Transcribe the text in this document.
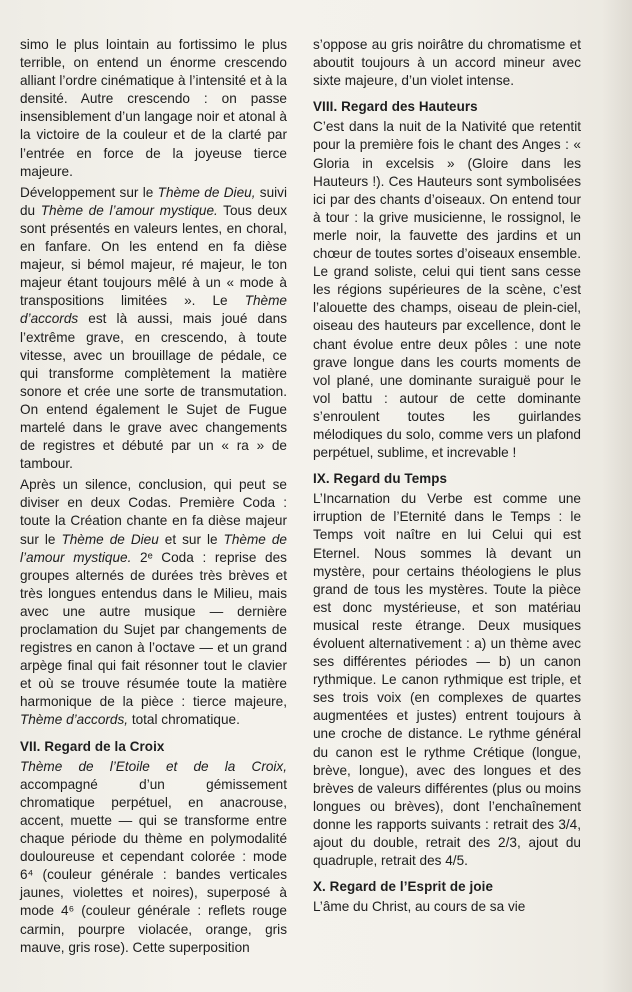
simo le plus lointain au fortissimo le plus terrible, on entend un énorme crescendo alliant l’ordre cinématique à l’intensité et à la densité. Autre crescendo : on passe insensiblement d’un langage noir et atonal à la victoire de la couleur et de la clarté par l’entrée en force de la joyeuse tierce majeure.

Développement sur le Thème de Dieu, suivi du Thème de l’amour mystique. Tous deux sont présentés en valeurs lentes, en choral, en fanfare. On les entend en fa dièse majeur, si bémol majeur, ré majeur, le ton majeur étant toujours mêlé à un « mode à transpositions limitées ». Le Thème d’accords est là aussi, mais joué dans l’extrême grave, en crescendo, à toute vitesse, avec un brouillage de pédale, ce qui transforme complètement la matière sonore et crée une sorte de transmutation. On entend également le Sujet de Fugue martelé dans le grave avec changements de registres et débuté par un « ra » de tambour.

Après un silence, conclusion, qui peut se diviser en deux Codas. Première Coda : toute la Création chante en fa dièse majeur sur le Thème de Dieu et sur le Thème de l’amour mystique. 2ᵉ Coda : reprise des groupes alternés de durées très brèves et très longues entendus dans le Milieu, mais avec une autre musique — dernière proclamation du Sujet par changements de registres en canon à l’octave — et un grand arpège final qui fait résonner tout le clavier et où se trouve résumée toute la matière harmonique de la pièce : tierce majeure, Thème d’accords, total chromatique.

VII. Regard de la Croix

Thème de l’Etoile et de la Croix, accompagné d’un gémissement chromatique perpétuel, en anacrouse, accent, muette — qui se transforme entre chaque période du thème en polymodalité douloureuse et cependant colorée : mode 6⁴ (couleur générale : bandes verticales jaunes, violettes et noires), superposé à mode 4⁶ (couleur générale : reflets rouge carmin, pourpre violacée, orange, gris mauve, gris rose). Cette superposition

s’oppose au gris noirâtre du chromatisme et aboutit toujours à un accord mineur avec sixte majeure, d’un violet intense.

VIII. Regard des Hauteurs

C’est dans la nuit de la Nativité que retentit pour la première fois le chant des Anges : « Gloria in excelsis » (Gloire dans les Hauteurs !). Ces Hauteurs sont symbolisées ici par des chants d’oiseaux. On entend tour à tour : la grive musicienne, le rossignol, le merle noir, la fauvette des jardins et un chœur de toutes sortes d’oiseaux ensemble. Le grand soliste, celui qui tient sans cesse les régions supérieures de la scène, c’est l’alouette des champs, oiseau de plein-ciel, oiseau des hauteurs par excellence, dont le chant évolue entre deux pôles : une note grave longue dans les courts moments de vol plané, une dominante suraiguë pour le vol battu : autour de cette dominante s’enroulent toutes les guirlandes mélodiques du solo, comme vers un plafond perpétuel, sublime, et increvable !

IX. Regard du Temps

L’Incarnation du Verbe est comme une irruption de l’Eternité dans le Temps : le Temps voit naître en lui Celui qui est Eternel. Nous sommes là devant un mystère, pour certains théologiens le plus grand de tous les mystères. Toute la pièce est donc mystérieuse, et son matériau musical reste étrange. Deux musiques évoluent alternativement : a) un thème avec ses différentes périodes — b) un canon rythmique. Le canon rythmique est triple, et ses trois voix (en complexes de quartes augmentées et justes) entrent toujours à une croche de distance. Le rythme général du canon est le rythme Crétique (longue, brève, longue), avec des longues et des brèves de valeurs différentes (plus ou moins longues ou brèves), dont l’enchaînement donne les rapports suivants : retrait des 3/4, ajout du double, retrait des 2/3, ajout du quadruple, retrait des 4/5.

X. Regard de l’Esprit de joie

L’âme du Christ, au cours de sa vie
